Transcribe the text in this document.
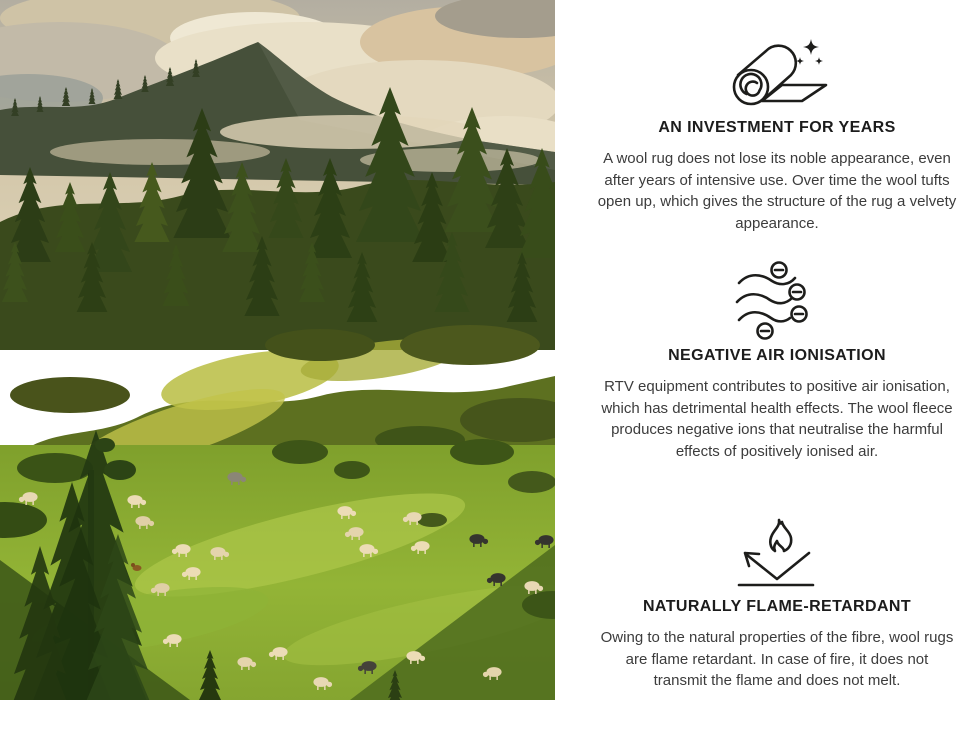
AN INVESTMENT FOR YEARS

A wool rug does not lose its noble appearance, even after years of intensive use. Over time the wool tufts open up, which gives the structure of the rug a velvety appearance.

NEGATIVE AIR IONISATION

RTV equipment contributes to positive air ionisation, which has detrimental health effects. The wool fleece produces negative ions that neutralise the harmful effects of positively ionised air.

NATURALLY FLAME-RETARDANT

Owing to the natural properties of the fibre, wool rugs are flame retardant. In case of fire, it does not transmit the flame and does not melt.
